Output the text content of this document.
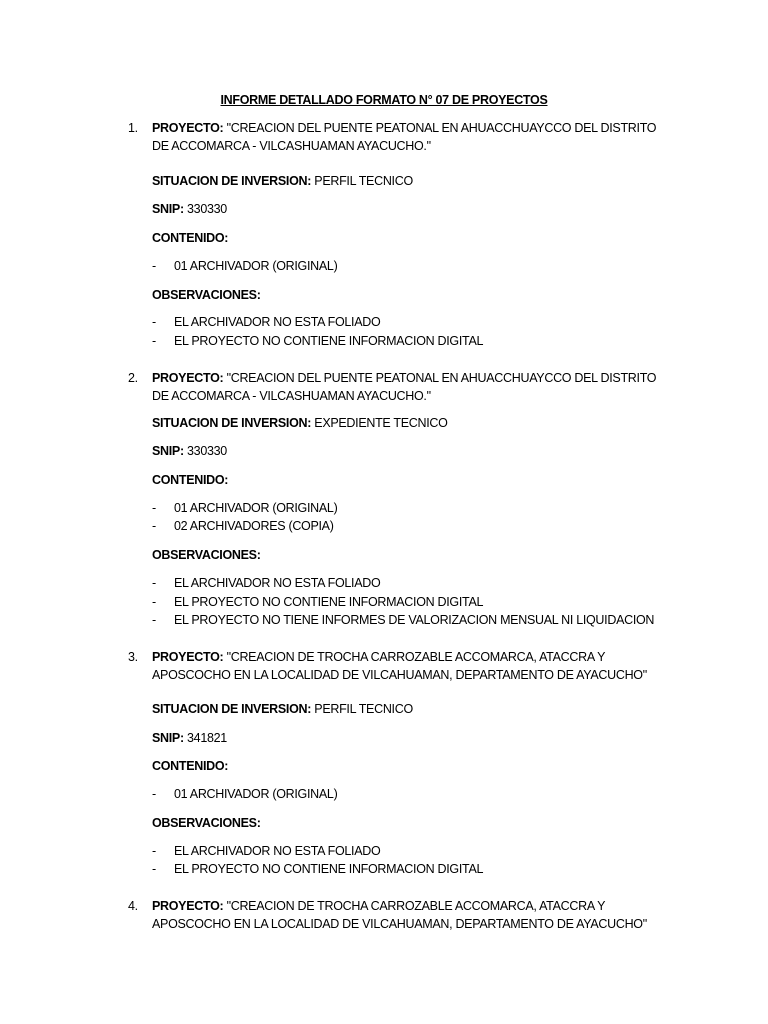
INFORME DETALLADO FORMATO N° 07 DE PROYECTOS
1. PROYECTO: "CREACION DEL PUENTE PEATONAL EN AHUACCHUAYCCO DEL DISTRITO DE ACCOMARCA - VILCASHUAMAN AYACUCHO."
SITUACION DE INVERSION: PERFIL TECNICO
SNIP: 330330
CONTENIDO:
- 01 ARCHIVADOR (ORIGINAL)
OBSERVACIONES:
- EL ARCHIVADOR NO ESTA FOLIADO
- EL PROYECTO NO CONTIENE INFORMACION DIGITAL
2. PROYECTO: "CREACION DEL PUENTE PEATONAL EN AHUACCHUAYCCO DEL DISTRITO DE ACCOMARCA - VILCASHUAMAN AYACUCHO."
SITUACION DE INVERSION: EXPEDIENTE TECNICO
SNIP: 330330
CONTENIDO:
- 01 ARCHIVADOR (ORIGINAL)
- 02 ARCHIVADORES (COPIA)
OBSERVACIONES:
- EL ARCHIVADOR NO ESTA FOLIADO
- EL PROYECTO NO CONTIENE INFORMACION DIGITAL
- EL PROYECTO NO TIENE INFORMES DE VALORIZACION MENSUAL NI LIQUIDACION
3. PROYECTO: "CREACION DE TROCHA CARROZABLE ACCOMARCA, ATACCRA Y APOSCOCHO EN LA LOCALIDAD DE VILCAHUAMAN, DEPARTAMENTO DE AYACUCHO"
SITUACION DE INVERSION: PERFIL TECNICO
SNIP: 341821
CONTENIDO:
- 01 ARCHIVADOR (ORIGINAL)
OBSERVACIONES:
- EL ARCHIVADOR NO ESTA FOLIADO
- EL PROYECTO NO CONTIENE INFORMACION DIGITAL
4. PROYECTO: "CREACION DE TROCHA CARROZABLE ACCOMARCA, ATACCRA Y APOSCOCHO EN LA LOCALIDAD DE VILCAHUAMAN, DEPARTAMENTO DE AYACUCHO"
